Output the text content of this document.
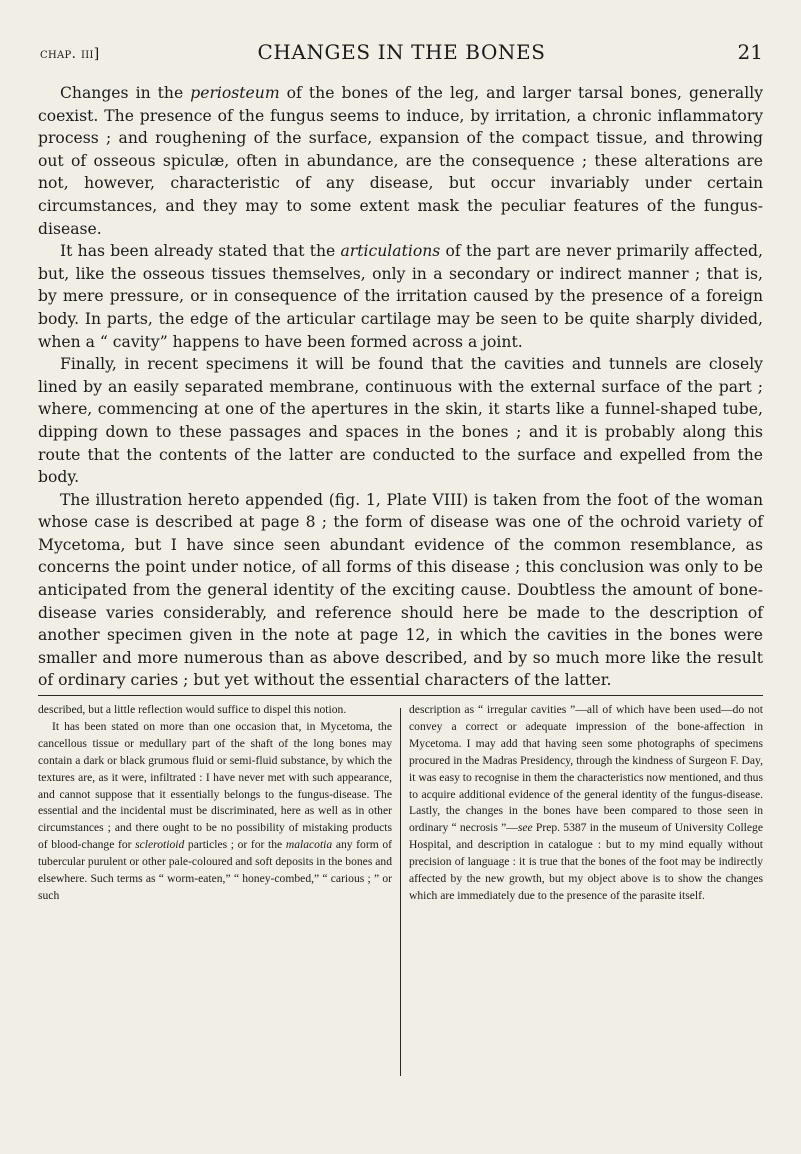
chap. iii]	CHANGES IN THE BONES	21

Changes in the periosteum of the bones of the leg, and larger tarsal bones, generally coexist. The presence of the fungus seems to induce, by irritation, a chronic inflammatory process ; and roughening of the surface, expansion of the compact tissue, and throwing out of osseous spiculæ, often in abundance, are the consequence ; these alterations are not, however, characteristic of any disease, but occur invariably under certain circumstances, and they may to some extent mask the peculiar features of the fungus-disease.

It has been already stated that the articulations of the part are never primarily affected, but, like the osseous tissues themselves, only in a secondary or indirect manner ; that is, by mere pressure, or in consequence of the irritation caused by the presence of a foreign body. In parts, the edge of the articular cartilage may be seen to be quite sharply divided, when a “ cavity” happens to have been formed across a joint.

Finally, in recent specimens it will be found that the cavities and tunnels are closely lined by an easily separated membrane, continuous with the external surface of the part ; where, commencing at one of the apertures in the skin, it starts like a funnel-shaped tube, dipping down to these passages and spaces in the bones ; and it is probably along this route that the contents of the latter are conducted to the surface and expelled from the body.

The illustration hereto appended (fig. 1, Plate VIII) is taken from the foot of the woman whose case is described at page 8 ; the form of disease was one of the ochroid variety of Mycetoma, but I have since seen abundant evidence of the common resemblance, as concerns the point under notice, of all forms of this disease ; this conclusion was only to be anticipated from the general identity of the exciting cause. Doubtless the amount of bone-disease varies considerably, and reference should here be made to the description of another specimen given in the note at page 12, in which the cavities in the bones were smaller and more numerous than as above described, and by so much more like the result of ordinary caries ; but yet without the essential characters of the latter.

described, but a little reflection would suffice to dispel this notion.

It has been stated on more than one occasion that, in Mycetoma, the cancellous tissue or medullary part of the shaft of the long bones may contain a dark or black grumous fluid or semi-fluid substance, by which the textures are, as it were, infiltrated : I have never met with such appearance, and cannot suppose that it essentially belongs to the fungus-disease. The essential and the incidental must be discriminated, here as well as in other circumstances ; and there ought to be no possibility of mistaking products of blood-change for sclerotioid particles ; or for the malacotia any form of tubercular purulent or other pale-coloured and soft deposits in the bones and elsewhere. Such terms as “ worm-eaten,” “ honey-combed,” “ carious ; ” or such

description as “ irregular cavities ”—all of which have been used—do not convey a correct or adequate impression of the bone-affection in Mycetoma. I may add that having seen some photographs of specimens procured in the Madras Presidency, through the kindness of Surgeon F. Day, it was easy to recognise in them the characteristics now mentioned, and thus to acquire additional evidence of the general identity of the fungus-disease. Lastly, the changes in the bones have been compared to those seen in ordinary “ necrosis ”—see Prep. 5387 in the museum of University College Hospital, and description in catalogue : but to my mind equally without precision of language : it is true that the bones of the foot may be indirectly affected by the new growth, but my object above is to show the changes which are immediately due to the presence of the parasite itself.
